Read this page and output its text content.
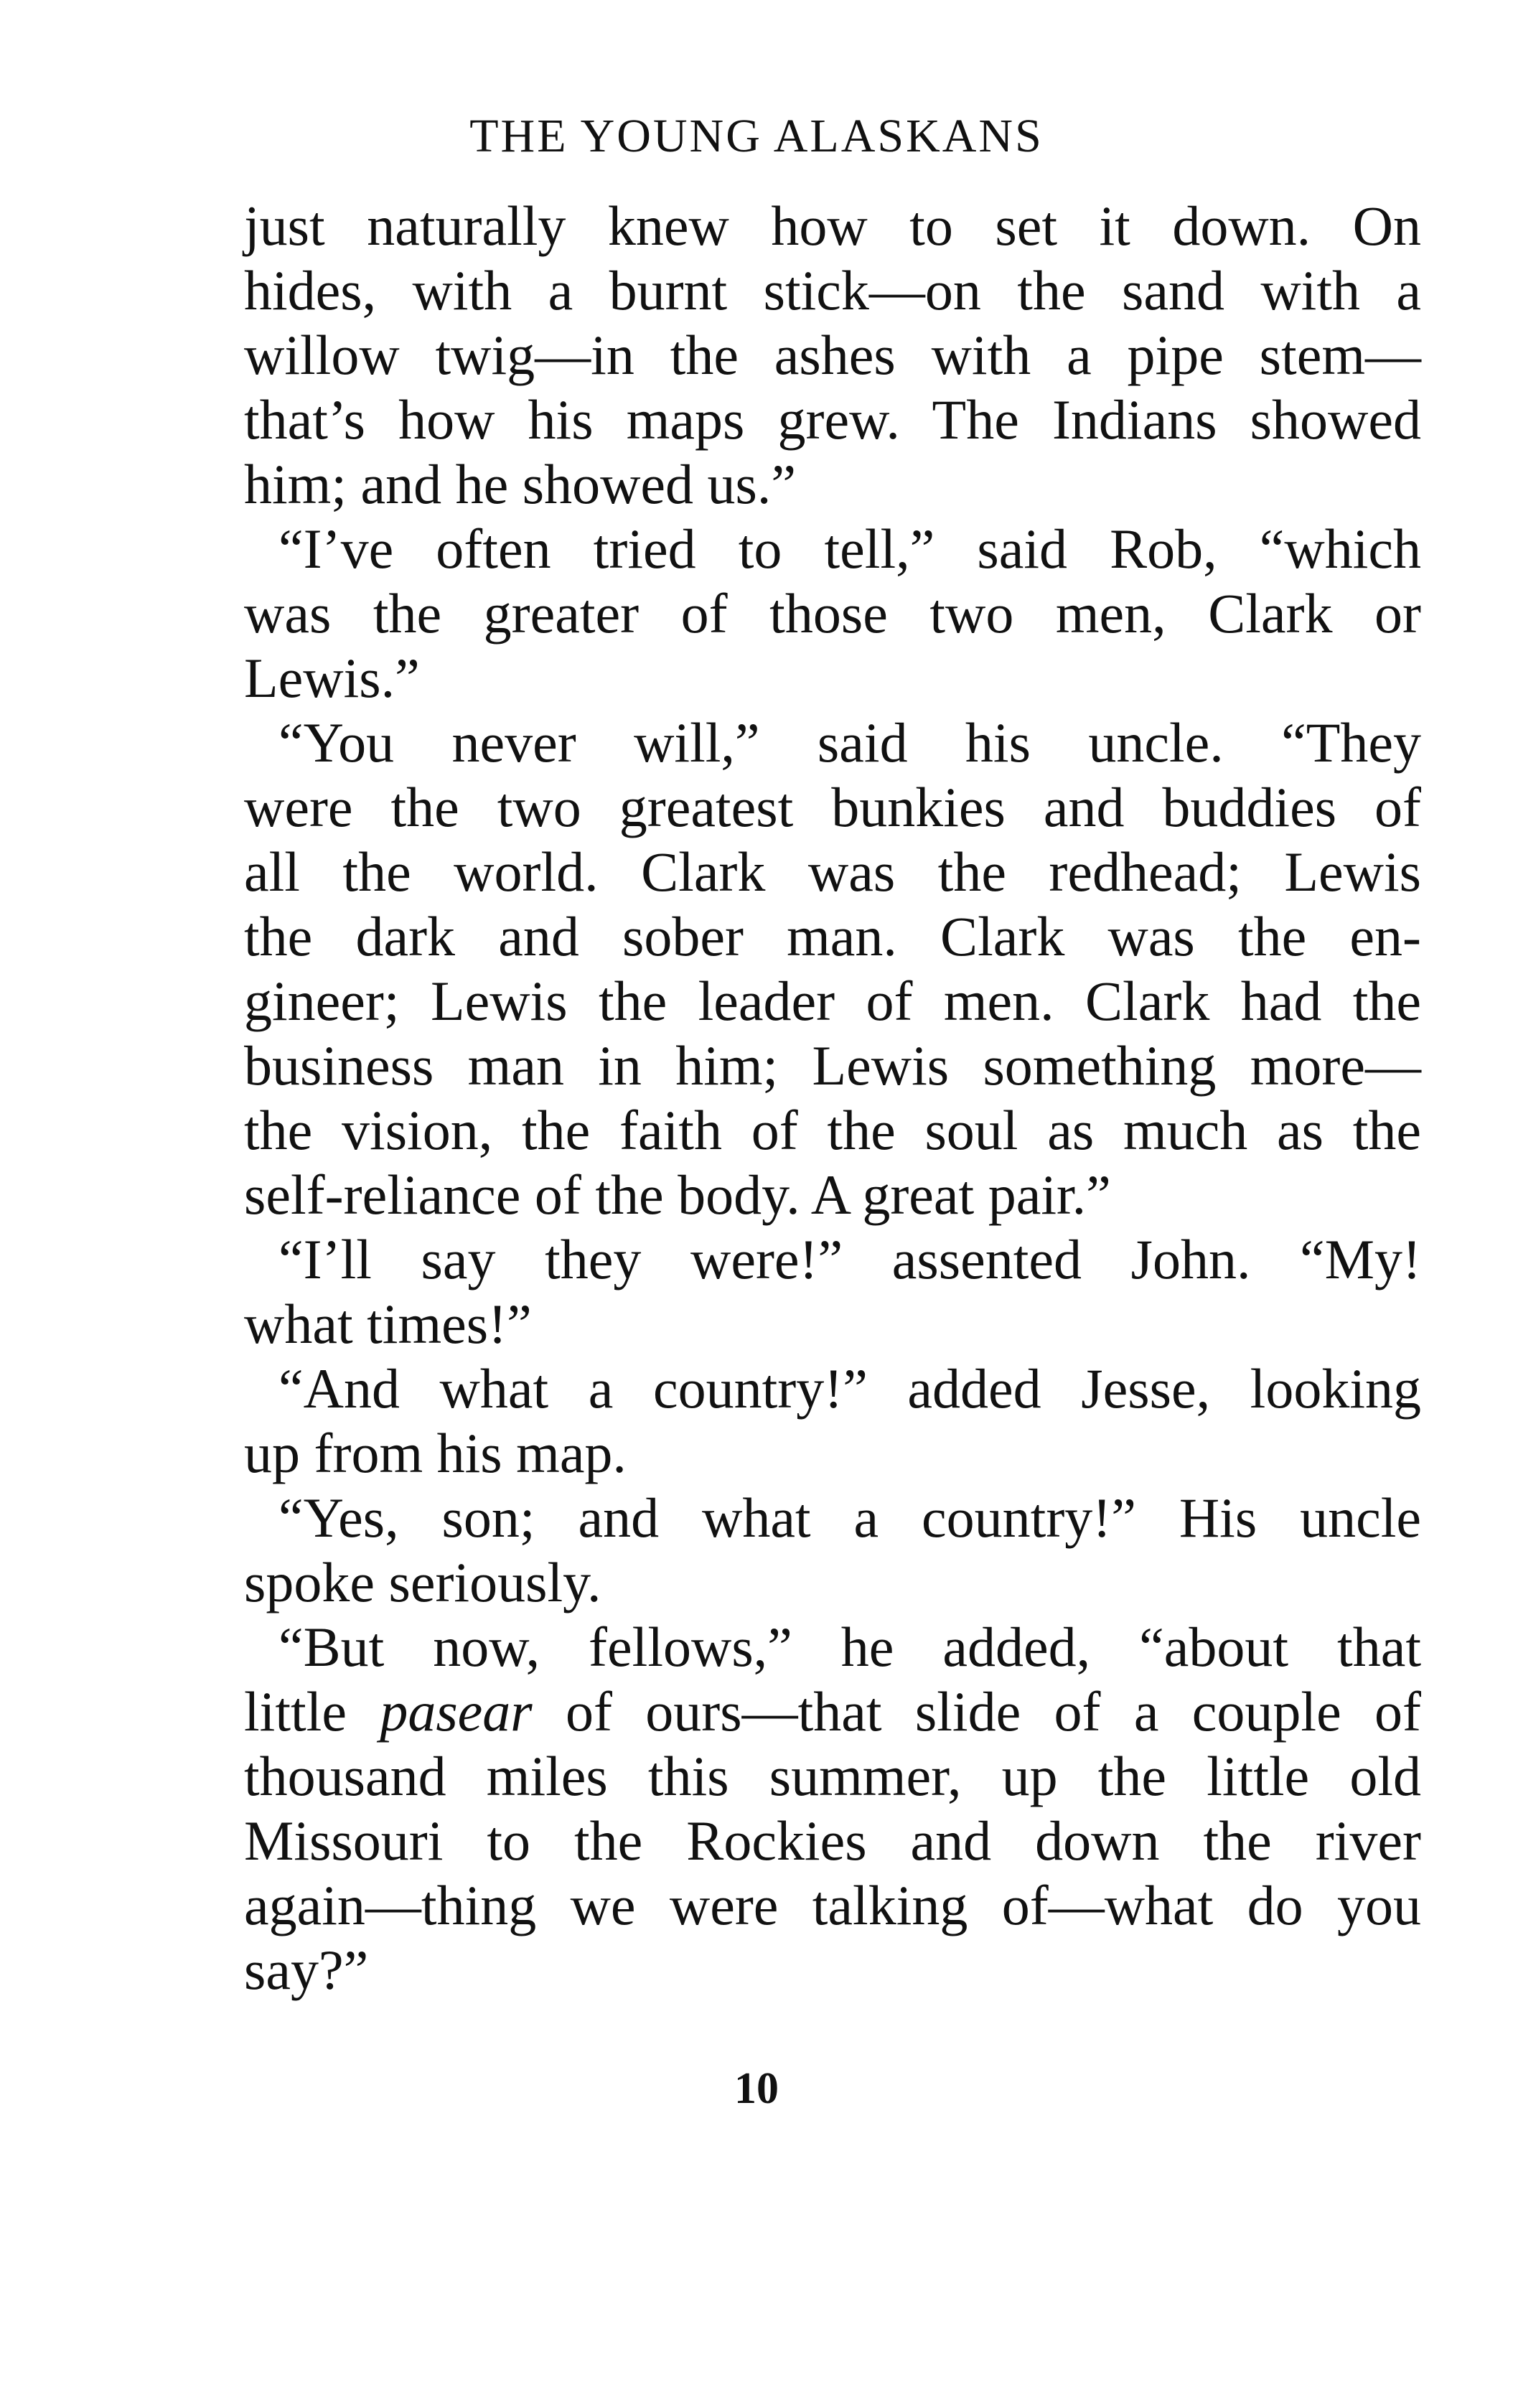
THE YOUNG ALASKANS
just naturally knew how to set it down. On
hides, with a burnt stick—on the sand with a
willow twig—in the ashes with a pipe stem—
that’s how his maps grew. The Indians showed
him; and he showed us.”
“I’ve often tried to tell,” said Rob, “which
was the greater of those two men, Clark or
Lewis.”
“You never will,” said his uncle. “They
were the two greatest bunkies and buddies of
all the world. Clark was the redhead; Lewis
the dark and sober man. Clark was the en-
gineer; Lewis the leader of men. Clark had the
business man in him; Lewis something more—
the vision, the faith of the soul as much as the
self-reliance of the body. A great pair.”
“I’ll say they were!” assented John. “My!
what times!”
“And what a country!” added Jesse, looking
up from his map.
“Yes, son; and what a country!” His uncle
spoke seriously.
“But now, fellows,” he added, “about that
little pasear of ours—that slide of a couple of
thousand miles this summer, up the little old
Missouri to the Rockies and down the river
again—thing we were talking of—what do you
say?”
10
